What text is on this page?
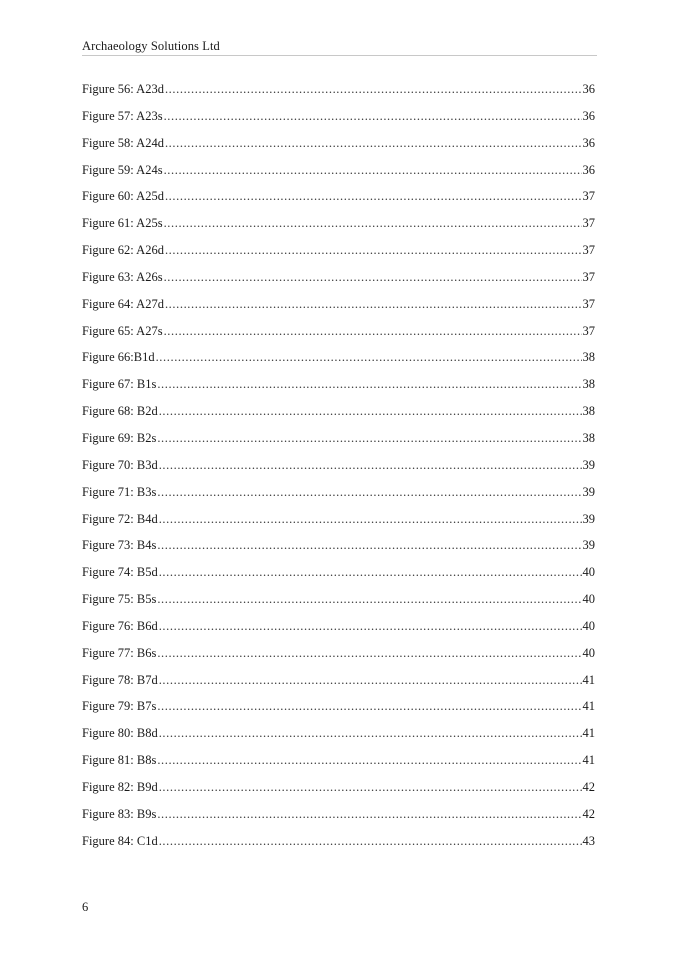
Archaeology Solutions Ltd
Figure 56: A23d .....	36
Figure 57: A23s .....	36
Figure 58: A24d .....	36
Figure 59: A24s .....	36
Figure 60: A25d .....	37
Figure 61: A25s .....	37
Figure 62: A26d .....	37
Figure 63: A26s .....	37
Figure 64: A27d .....	37
Figure 65: A27s .....	37
Figure 66:B1d .....	38
Figure 67: B1s .....	38
Figure 68: B2d .....	38
Figure 69: B2s .....	38
Figure 70: B3d .....	39
Figure 71: B3s .....	39
Figure 72: B4d .....	39
Figure 73: B4s .....	39
Figure 74: B5d .....	40
Figure 75: B5s .....	40
Figure 76: B6d .....	40
Figure 77: B6s .....	40
Figure 78: B7d .....	41
Figure 79: B7s .....	41
Figure 80: B8d .....	41
Figure 81: B8s .....	41
Figure 82: B9d .....	42
Figure 83: B9s .....	42
Figure 84: C1d .....	43
6
